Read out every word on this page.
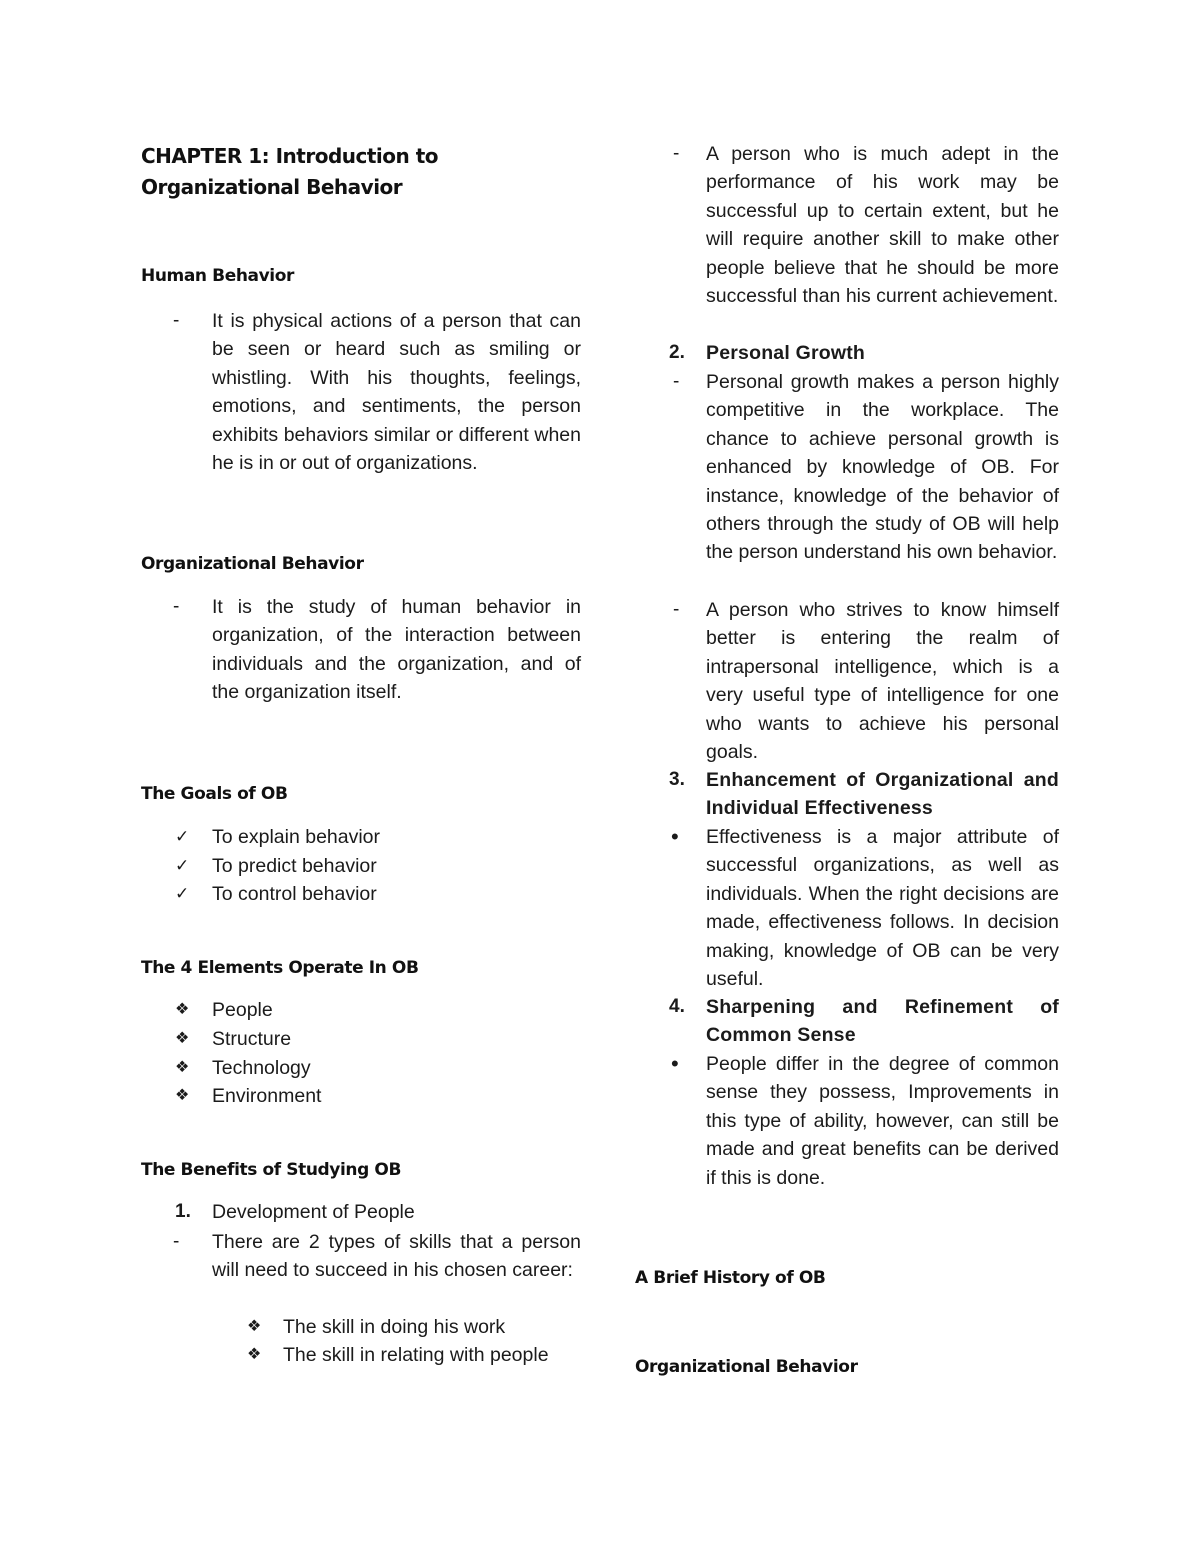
CHAPTER 1: Introduction to Organizational Behavior
Human Behavior
- It is physical actions of a person that can be seen or heard such as smiling or whistling. With his thoughts, feelings, emotions, and sentiments, the person exhibits behaviors similar or different when he is in or out of organizations.
Organizational Behavior
- It is the study of human behavior in organization, of the interaction between individuals and the organization, and of the organization itself.
The Goals of OB
✓ To explain behavior
✓ To predict behavior
✓ To control behavior
The 4 Elements Operate In OB
❖ People
❖ Structure
❖ Technology
❖ Environment
The Benefits of Studying OB
1. Development of People
- There are 2 types of skills that a person will need to succeed in his chosen career:
❖ The skill in doing his work
❖ The skill in relating with people
- A person who is much adept in the performance of his work may be successful up to certain extent, but he will require another skill to make other people believe that he should be more successful than his current achievement.
2. Personal Growth
- Personal growth makes a person highly competitive in the workplace. The chance to achieve personal growth is enhanced by knowledge of OB. For instance, knowledge of the behavior of others through the study of OB will help the person understand his own behavior.
- A person who strives to know himself better is entering the realm of intrapersonal intelligence, which is a very useful type of intelligence for one who wants to achieve his personal goals.
3. Enhancement of Organizational and Individual Effectiveness
• Effectiveness is a major attribute of successful organizations, as well as individuals. When the right decisions are made, effectiveness follows. In decision making, knowledge of OB can be very useful.
4. Sharpening and Refinement of Common Sense
• People differ in the degree of common sense they possess, Improvements in this type of ability, however, can still be made and great benefits can be derived if this is done.
A Brief History of OB
Organizational Behavior
